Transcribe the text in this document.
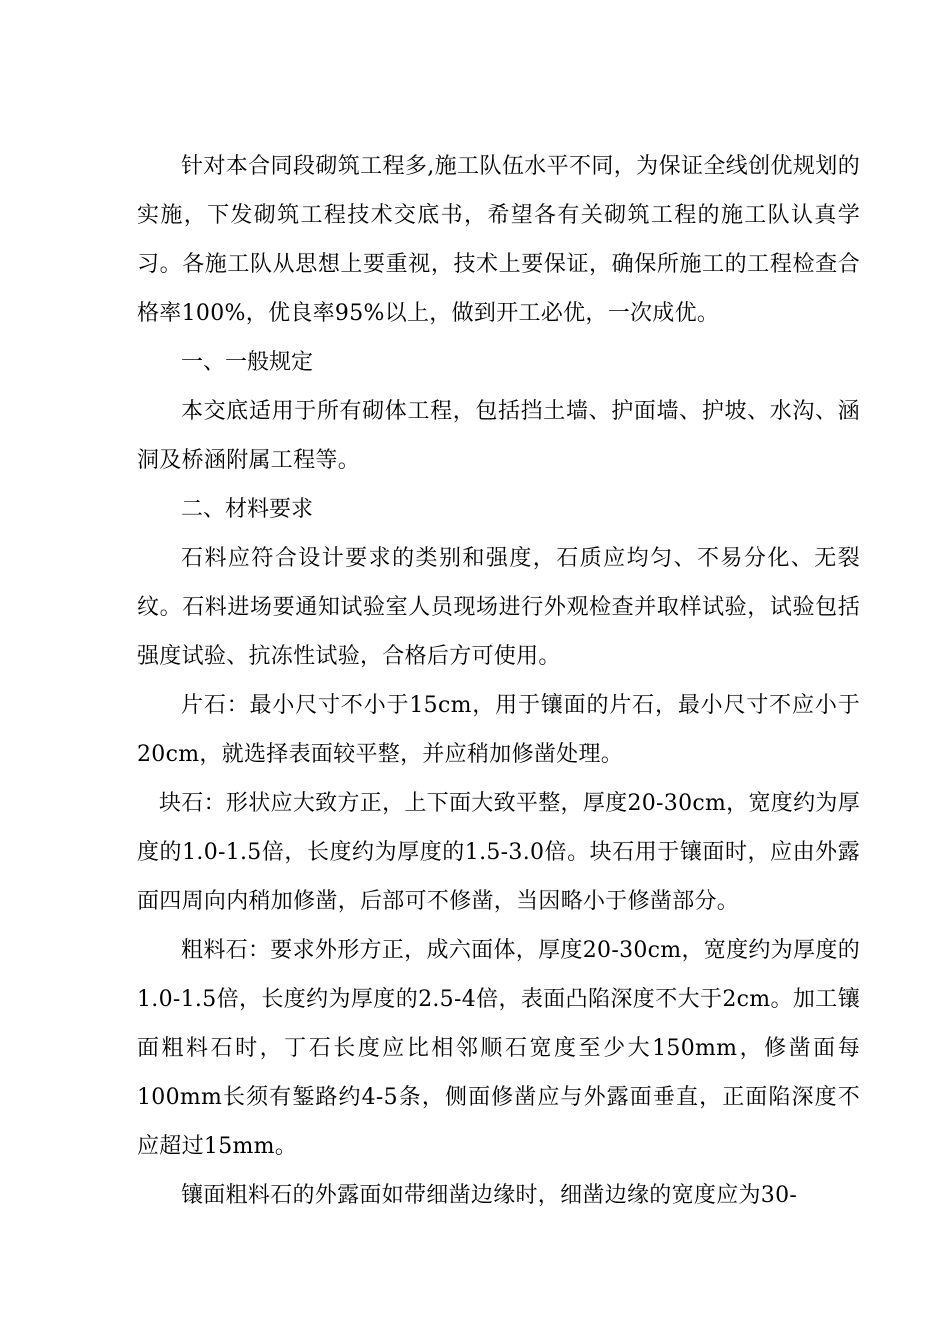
针对本合同段砌筑工程多,施工队伍水平不同，为保证全线创优规划的实施，下发砌筑工程技术交底书，希望各有关砌筑工程的施工队认真学习。各施工队从思想上要重视，技术上要保证，确保所施工的工程检查合格率100%，优良率95%以上，做到开工必优，一次成优。

一、一般规定

本交底适用于所有砌体工程，包括挡土墙、护面墙、护坡、水沟、涵洞及桥涵附属工程等。

二、材料要求

石料应符合设计要求的类别和强度，石质应均匀、不易分化、无裂纹。石料进场要通知试验室人员现场进行外观检查并取样试验，试验包括强度试验、抗冻性试验，合格后方可使用。

片石：最小尺寸不小于15cm，用于镶面的片石，最小尺寸不应小于20cm，就选择表面较平整，并应稍加修凿处理。

块石：形状应大致方正，上下面大致平整，厚度20-30cm，宽度约为厚度的1.0-1.5倍，长度约为厚度的1.5-3.0倍。块石用于镶面时，应由外露面四周向内稍加修凿，后部可不修凿，当因略小于修凿部分。

粗料石：要求外形方正，成六面体，厚度20-30cm，宽度约为厚度的1.0-1.5倍，长度约为厚度的2.5-4倍，表面凸陷深度不大于2cm。加工镶面粗料石时，丁石长度应比相邻顺石宽度至少大150mm，修凿面每100mm长须有錾路约4-5条，侧面修凿应与外露面垂直，正面陷深度不应超过15mm。

镶面粗料石的外露面如带细凿边缘时，细凿边缘的宽度应为30-
